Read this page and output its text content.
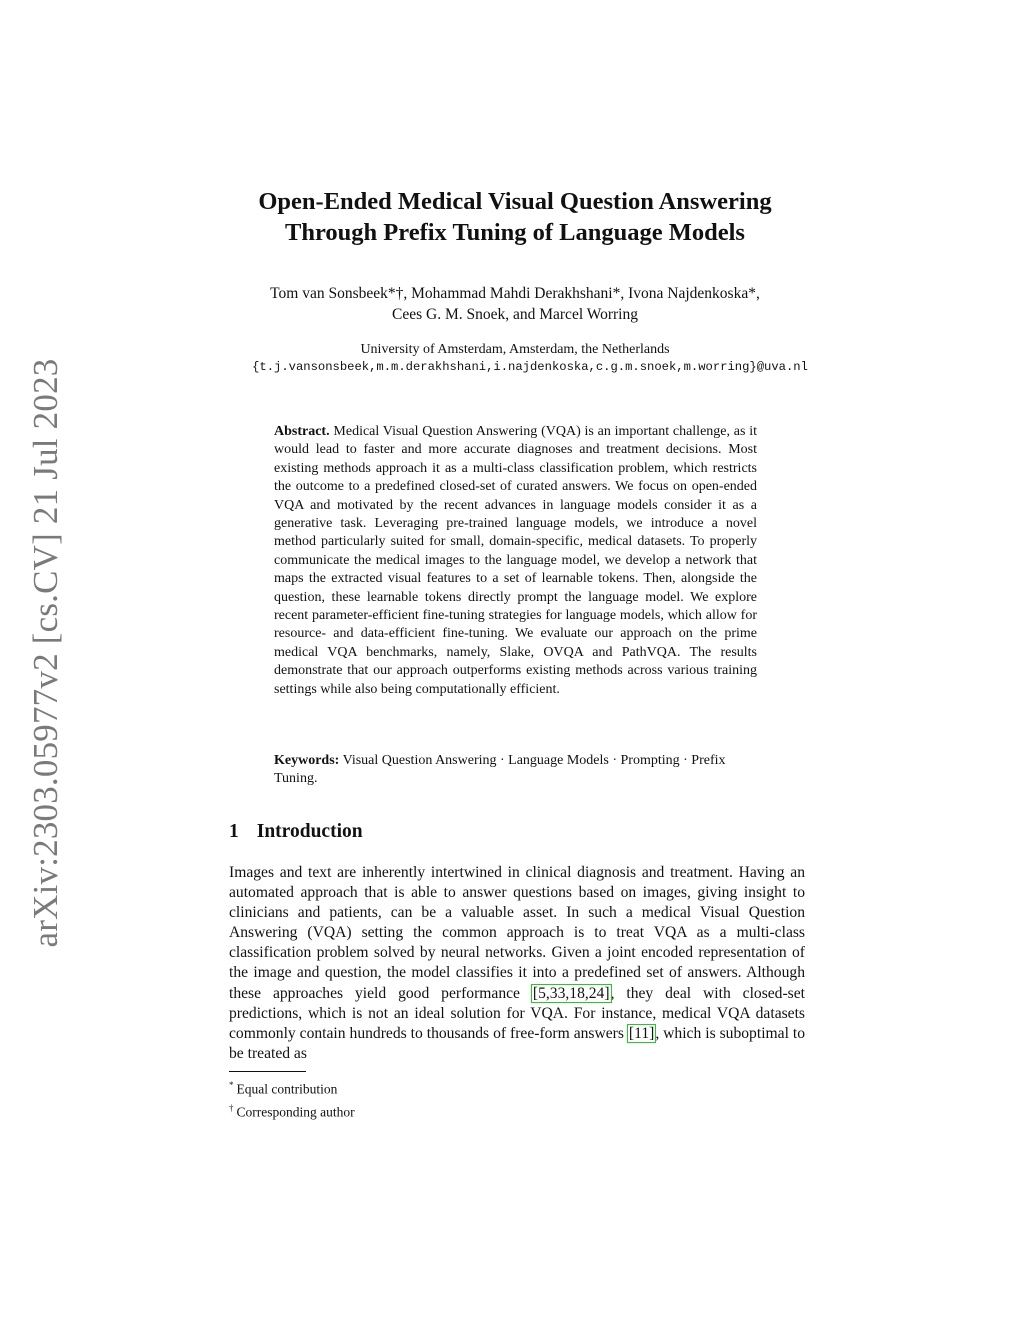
arXiv:2303.05977v2 [cs.CV] 21 Jul 2023
Open-Ended Medical Visual Question Answering
Through Prefix Tuning of Language Models
Tom van Sonsbeek*†, Mohammad Mahdi Derakhshani*, Ivona Najdenkoska*,
Cees G. M. Snoek, and Marcel Worring
University of Amsterdam, Amsterdam, the Netherlands
{t.j.vansonsbeek,m.m.derakhshani,i.najdenkoska,c.g.m.snoek,m.worring}@uva.nl
Abstract. Medical Visual Question Answering (VQA) is an important challenge, as it would lead to faster and more accurate diagnoses and treatment decisions. Most existing methods approach it as a multi-class classification problem, which restricts the outcome to a predefined closed-set of curated answers. We focus on open-ended VQA and motivated by the recent advances in language models consider it as a generative task. Leveraging pre-trained language models, we introduce a novel method particularly suited for small, domain-specific, medical datasets. To properly communicate the medical images to the language model, we develop a network that maps the extracted visual features to a set of learnable tokens. Then, alongside the question, these learnable tokens directly prompt the language model. We explore recent parameter-efficient fine-tuning strategies for language models, which allow for resource- and data-efficient fine-tuning. We evaluate our approach on the prime medical VQA benchmarks, namely, Slake, OVQA and PathVQA. The results demonstrate that our approach outperforms existing methods across various training settings while also being computationally efficient.
Keywords: Visual Question Answering · Language Models · Prompting · Prefix Tuning.
1 Introduction
Images and text are inherently intertwined in clinical diagnosis and treatment. Having an automated approach that is able to answer questions based on images, giving insight to clinicians and patients, can be a valuable asset. In such a medical Visual Question Answering (VQA) setting the common approach is to treat VQA as a multi-class classification problem solved by neural networks. Given a joint encoded representation of the image and question, the model classifies it into a predefined set of answers. Although these approaches yield good performance [5,33,18,24], they deal with closed-set predictions, which is not an ideal solution for VQA. For instance, medical VQA datasets commonly contain hundreds to thousands of free-form answers [11], which is suboptimal to be treated as
* Equal contribution
† Corresponding author
